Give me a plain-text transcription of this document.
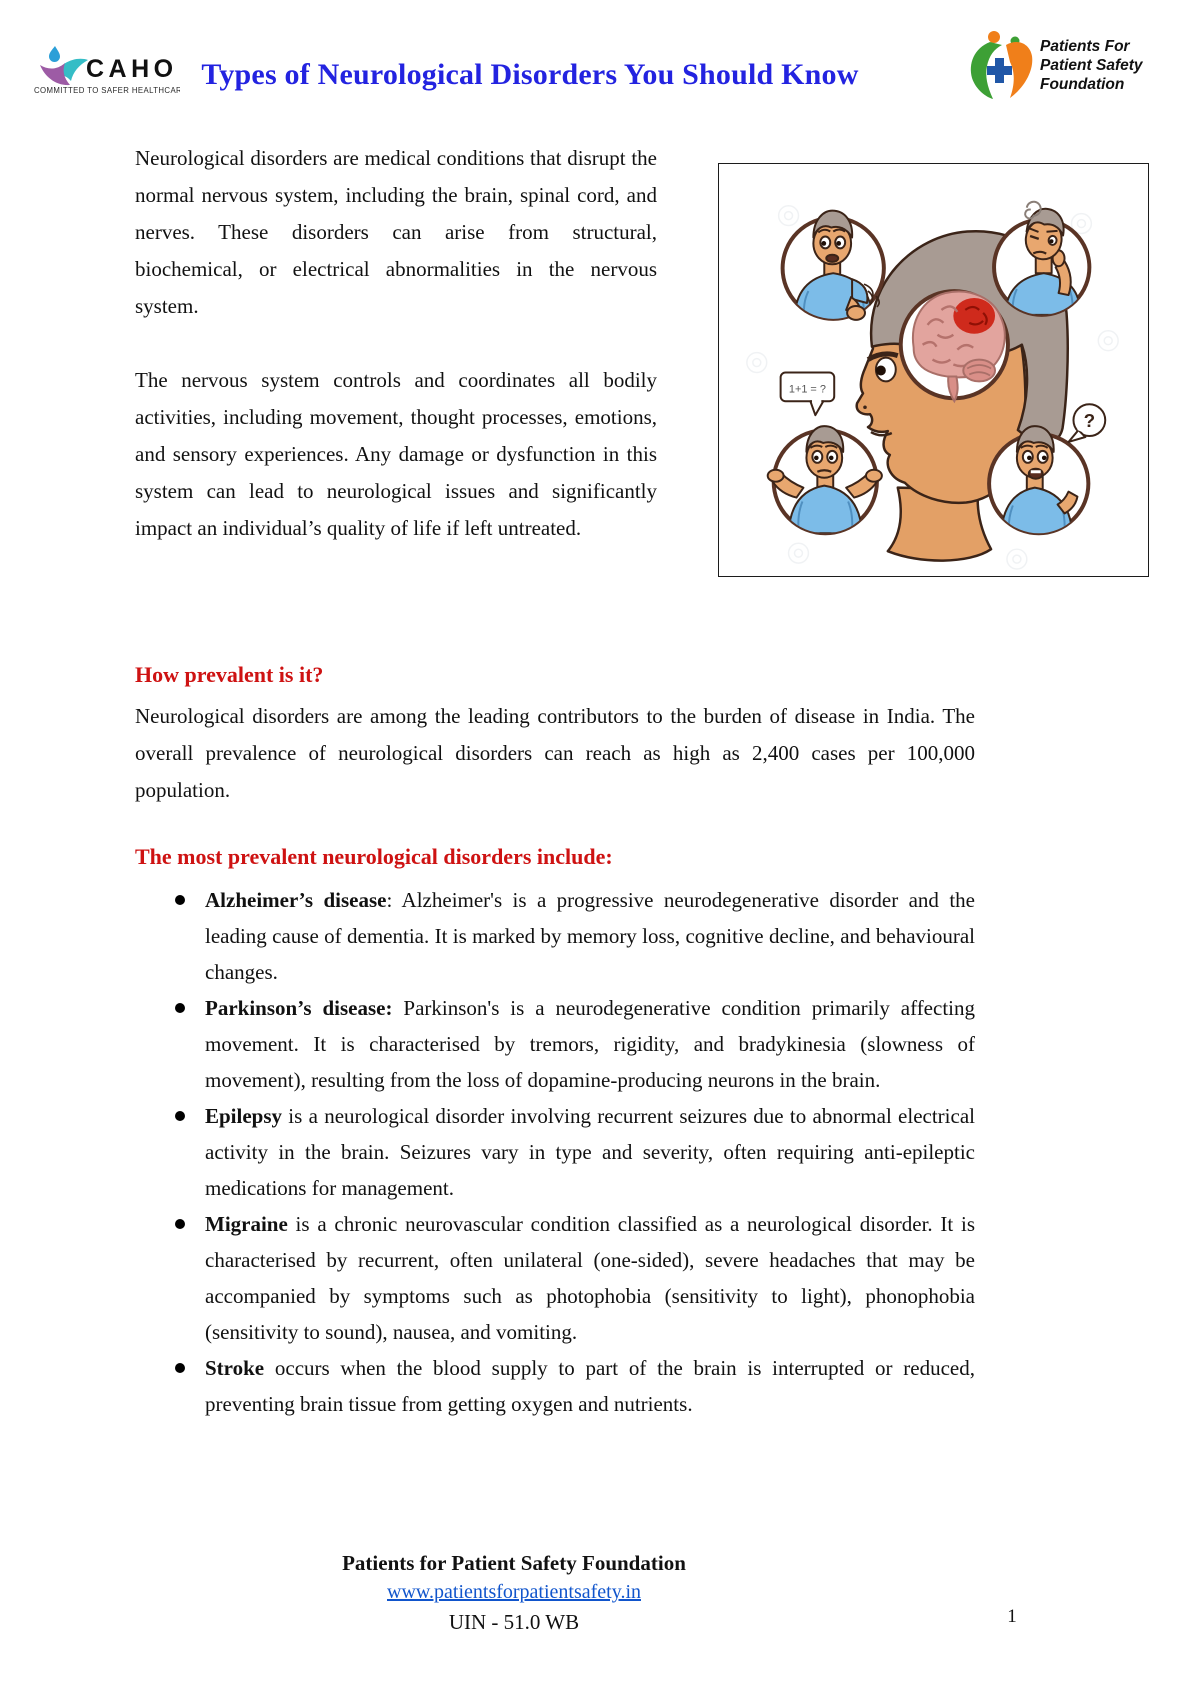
CAHO
COMMITTED TO SAFER HEALTHCARE Types of Neurological Disorders You Should Know
Patients For
Patient Safety
Foundation

Neurological disorders are medical conditions that disrupt the normal nervous system, including the brain, spinal cord, and nerves. These disorders can arise from structural, biochemical, or electrical abnormalities in the nervous system.

The nervous system controls and coordinates all bodily activities, including movement, thought processes, emotions, and sensory experiences. Any damage or dysfunction in this system can lead to neurological issues and significantly impact an individual’s quality of life if left untreated.

1+1 = ?
?
How prevalent is it?
Neurological disorders are among the leading contributors to the burden of disease in India. The overall prevalence of neurological disorders can reach as high as 2,400 cases per 100,000 population.
The most prevalent neurological disorders include:
Alzheimer’s disease: Alzheimer's is a progressive neurodegenerative disorder and the leading cause of dementia. It is marked by memory loss, cognitive decline, and behavioural changes.
Parkinson’s disease: Parkinson's is a neurodegenerative condition primarily affecting movement. It is characterised by tremors, rigidity, and bradykinesia (slowness of movement), resulting from the loss of dopamine-producing neurons in the brain.
Epilepsy is a neurological disorder involving recurrent seizures due to abnormal electrical activity in the brain. Seizures vary in type and severity, often requiring anti-epileptic medications for management.
Migraine is a chronic neurovascular condition classified as a neurological disorder. It is characterised by recurrent, often unilateral (one-sided), severe headaches that may be accompanied by symptoms such as photophobia (sensitivity to light), phonophobia (sensitivity to sound), nausea, and vomiting.
Stroke occurs when the blood supply to part of the brain is interrupted or reduced, preventing brain tissue from getting oxygen and nutrients.
Patients for Patient Safety Foundation
www.patientsforpatientsafety.in
UIN - 51.0 WB	1
